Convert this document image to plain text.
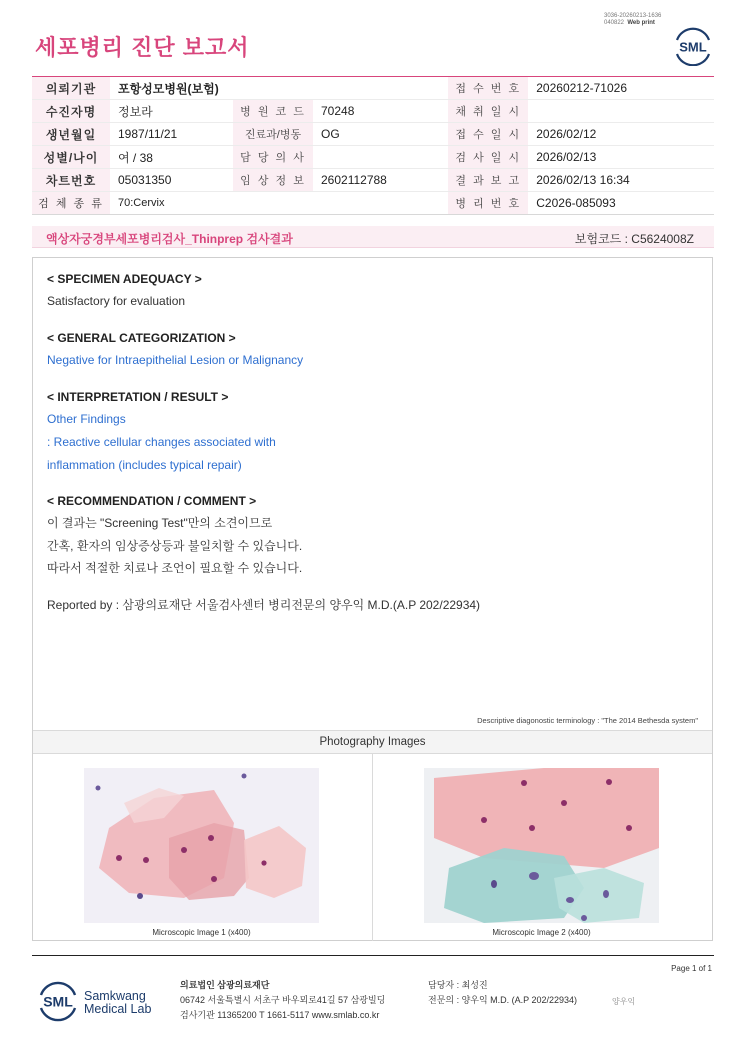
3036-20260213-1636
040822 Web print
세포병리 진단 보고서	SML
의뢰기관	포항성모병원(보험)			접 수 번 호	20260212-71026
수진자명	정보라	병 원 코 드	70248	채 취 일 시	
생년월일	1987/11/21	진료과/병동	OG	접 수 일 시	2026/02/12
성별/나이	여 / 38	담 당 의 사		검 사 일 시	2026/02/13
차트번호	05031350	임 상 정 보	2602112788	결 과 보 고	2026/02/13 16:34
검 체 종 류	70:Cervix			병 리 번 호	C2026-085093
액상자궁경부세포병리검사_Thinprep 검사결과	보험코드 : C5624008Z
< SPECIMEN ADEQUACY >
Satisfactory for evaluation
< GENERAL CATEGORIZATION >
Negative for Intraepithelial Lesion or Malignancy
< INTERPRETATION / RESULT >
Other Findings
: Reactive cellular changes associated with
inflammation (includes typical repair)
< RECOMMENDATION / COMMENT >
이 결과는 "Screening Test"만의 소견이므로
간혹, 환자의 임상증상등과 불일치할 수 있습니다.
따라서 적절한 치료나 조언이 필요할 수 있습니다.
Reported by : 삼광의료재단 서울검사센터 병리전문의 양우익 M.D.(A.P 202/22934)
Descriptive diagonostic terminology : "The 2014 Bethesda system"
Photography Images
Microscopic Image 1 (x400)	Microscopic Image 2 (x400)
Page 1 of 1
SML Samkwang
Medical Lab
의료법인 삼광의료재단
06742 서울특별시 서초구 바우뫼로41길 57 삼광빌딩
검사기관 11365200 T 1661-5117 www.smlab.co.kr
담당자 : 최성진
전문의 : 양우익 M.D. (A.P 202/22934)	양우익
